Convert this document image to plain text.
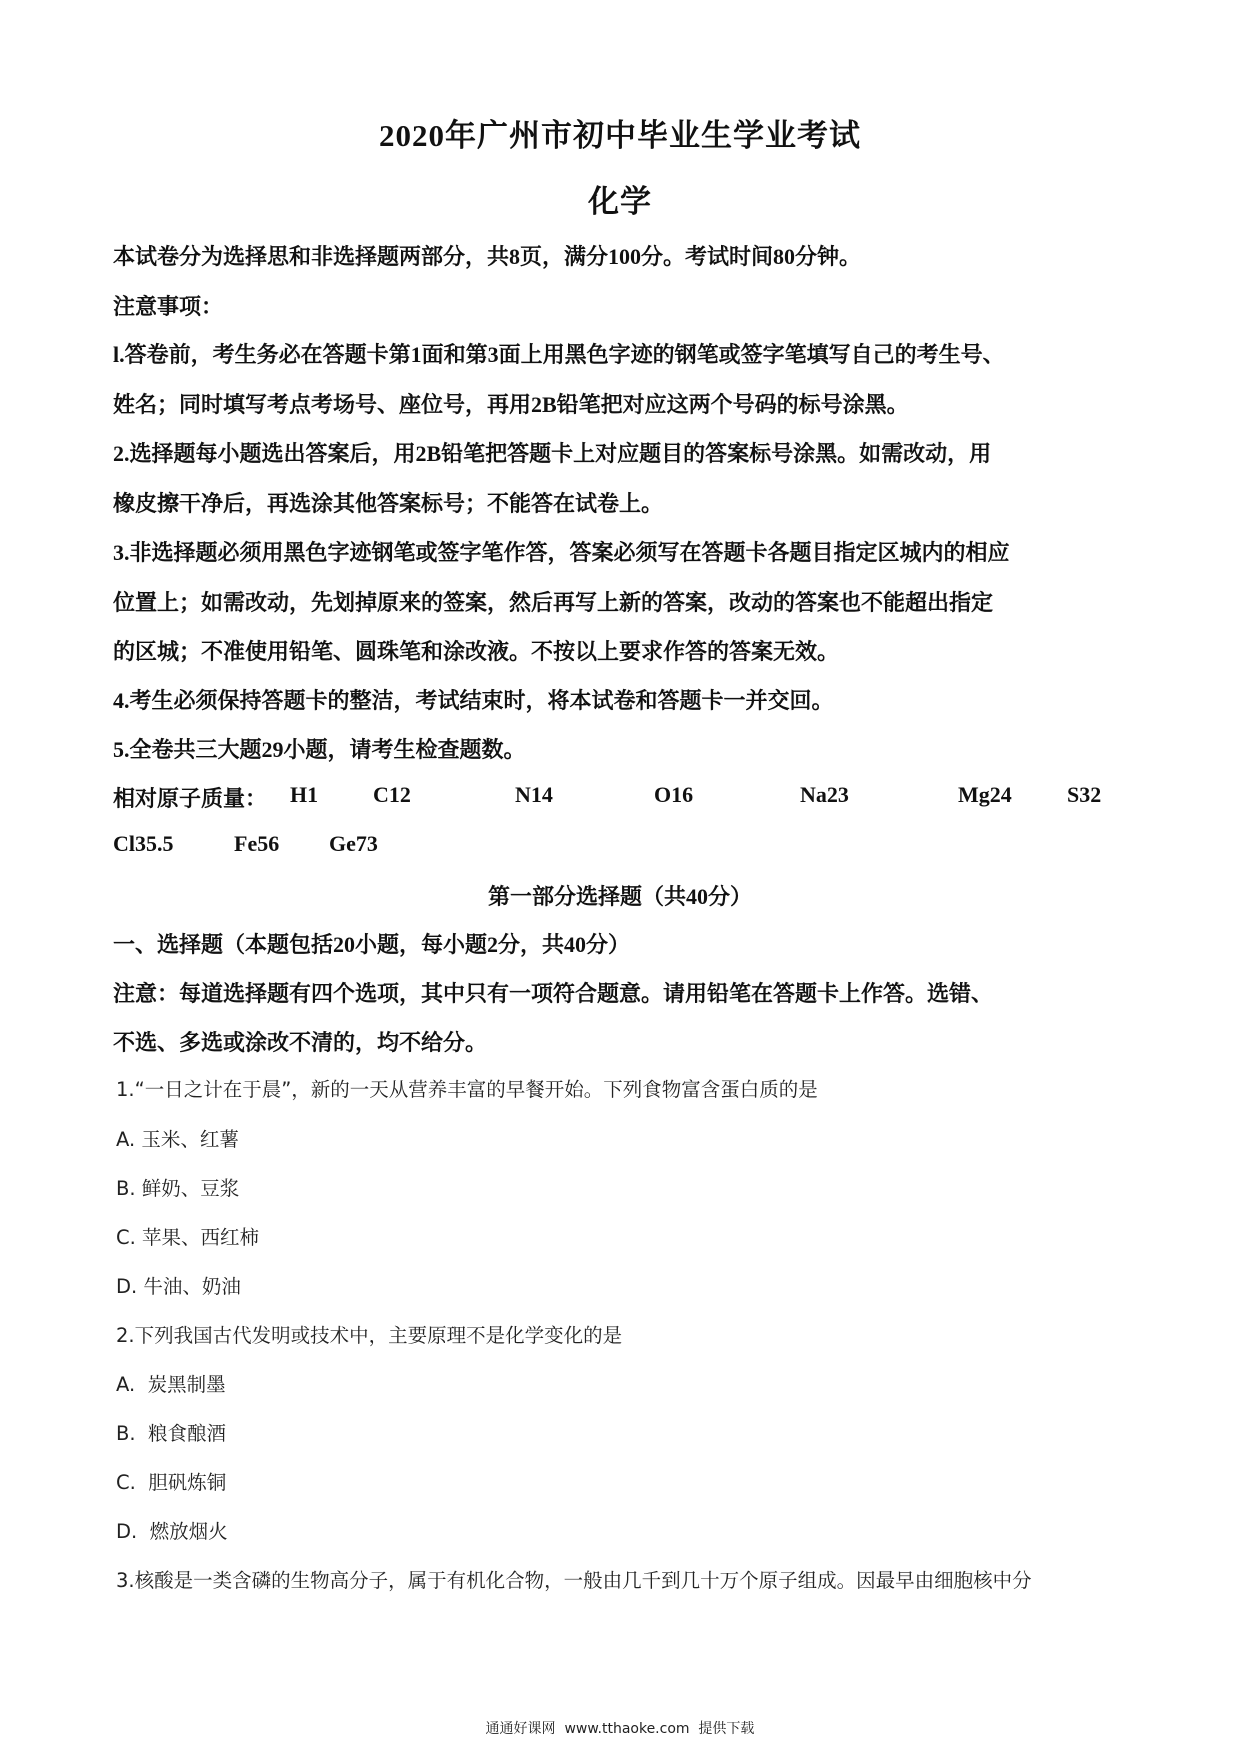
2020年广州市初中毕业生学业考试
化学
本试卷分为选择思和非选择题两部分，共8页，满分100分。考试时间80分钟。
注意事项：
l.答卷前，考生务必在答题卡第1面和第3面上用黑色字迹的钢笔或签字笔填写自己的考生号、
姓名；同时填写考点考场号、座位号，再用2B铅笔把对应这两个号码的标号涂黑。
2.选择题每小题选出答案后，用2B铅笔把答题卡上对应题目的答案标号涂黑。如需改动，用
橡皮擦干净后，再选涂其他答案标号；不能答在试卷上。
3.非选择题必须用黑色字迹钢笔或签字笔作答，答案必须写在答题卡各题目指定区城内的相应
位置上；如需改动，先划掉原来的签案，然后再写上新的答案，改动的答案也不能超出指定
的区城；不准使用铅笔、圆珠笔和涂改液。不按以上要求作答的答案无效。
4.考生必须保持答题卡的整洁，考试结束时，将本试卷和答题卡一并交回。
5.全卷共三大题29小题，请考生检查题数。
相对原子质量： H1 C12	N14	O16	Na23	Mg24	S32
Cl35.5	Fe56 Ge73
第一部分选择题（共40分）
一、选择题（本题包括20小题，每小题2分，共40分）
注意：每道选择题有四个选项，其中只有一项符合题意。请用铅笔在答题卡上作答。选错、
不选、多选或涂改不清的，均不给分。
1.“一日之计在于晨”，新的一天从营养丰富的早餐开始。下列食物富含蛋白质的是
A. 玉米、红薯
B. 鲜奶、豆浆
C. 苹果、西红柿
D. 牛油、奶油
2.下列我国古代发明或技术中，主要原理不是化学变化的是
A.  炭黑制墨
B.  粮食酿酒
C.  胆矾炼铜
D.  燃放烟火
3.核酸是一类含磷的生物高分子，属于有机化合物，一般由几千到几十万个原子组成。因最早由细胞核中分
通通好课网  www.tthaoke.com  提供下载
